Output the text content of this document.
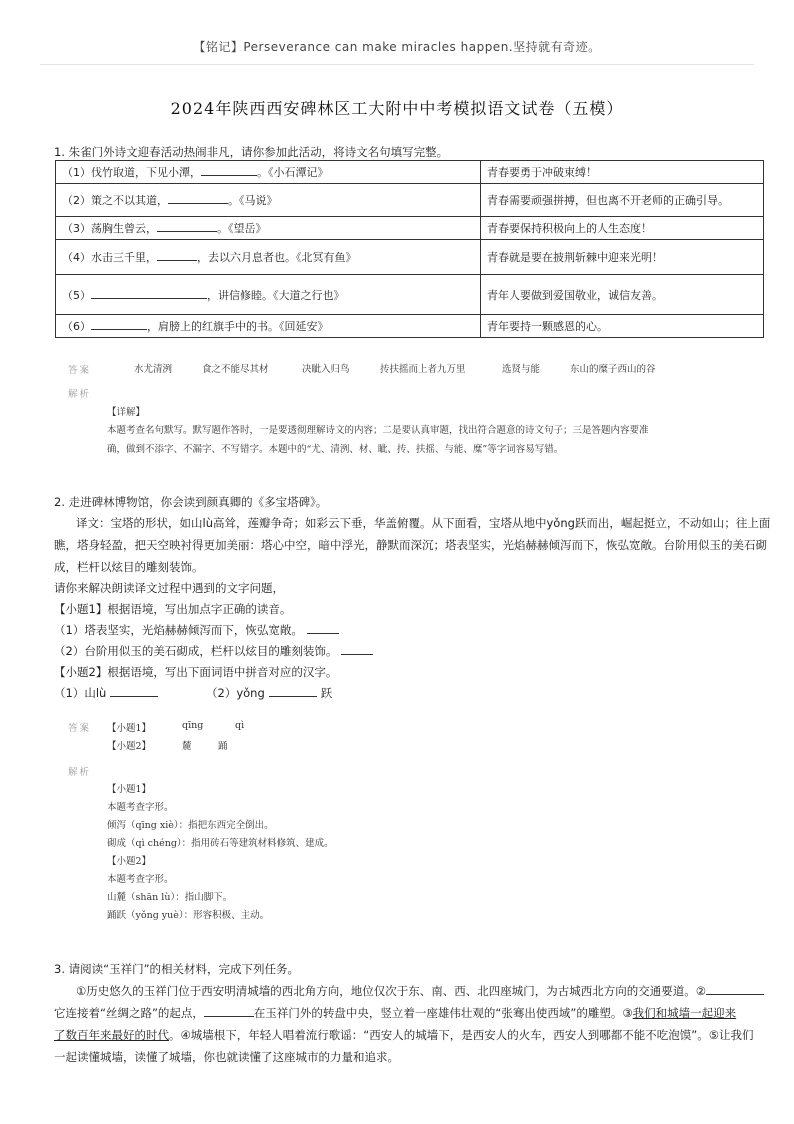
【铭记】Perseverance can make miracles happen.坚持就有奇迹。
2024年陕西西安碑林区工大附中中考模拟语文试卷（五模）
1. 朱雀门外诗文迎春活动热闹非凡，请你参加此活动，将诗文名句填写完整。
（1）伐竹取道，下见小潭， 。《小石潭记》	青春要勇于冲破束缚！
（2）策之不以其道， 。《马说》	青春需要顽强拼搏，但也离不开老师的正确引导。
（3）荡胸生曾云， 。《望岳》	青春要保持积极向上的人生态度！
（4）水击三千里， ，去以六月息者也。《北冥有鱼》	青春就是要在披荆斩棘中迎来光明！
（5） ，讲信修睦。《大道之行也》	青年人要做到爱国敬业，诚信友善。
（6） ，肩膀上的红旗手中的书。《回延安》	青年要持一颗感恩的心。
答案	水尤清洌	食之不能尽其材	决眦入归鸟	抟扶摇而上者九万里	选贤与能	东山的糜子西山的谷
解析
【详解】
本题考查名句默写。默写题作答时，一是要透彻理解诗文的内容；二是要认真审题，找出符合题意的诗文句子；三是答题内容要准
确，做到不添字、不漏字、不写错字。本题中的“尤、清洌、材、眦、抟、扶摇、与能、糜”等字词容易写错。
2. 走进碑林博物馆，你会读到颜真卿的《多宝塔碑》。
译文：宝塔的形状，如山lù高耸，莲瓣争奇；如彩云下垂，华盖俯覆。从下面看，宝塔从地中yǒng跃而出，崛起挺立，不动如山；往上面
瞧，塔身轻盈，把天空映衬得更加美丽：塔心中空，暗中浮光，静默而深沉；塔表坚实，光焰赫赫倾泻而下，恢弘宽敞。台阶用似玉的美石砌
成，栏杆以炫目的雕刻装饰。
请你来解决朗读译文过程中遇到的文字问题，
【小题1】根据语境，写出加点字正确的读音。
（1）塔表坚实，光焰赫赫倾泻而下，恢弘宽敞。
（2）台阶用似玉的美石砌成，栏杆以炫目的雕刻装饰。
【小题2】根据语境，写出下面词语中拼音对应的汉字。
（1）山lù	（2）yǒng	跃
答案 【小题1】	qīng	qì
【小题2】	麓	踊
解析
【小题1】
本题考查字形。
倾泻（qīng xiè）：指把东西完全倒出。
砌成（qì chéng）：指用砖石等建筑材料修筑、建成。
【小题2】
本题考查字形。
山麓（shān lù）：指山脚下。
踊跃（yǒng yuè）：形容积极、主动。
3. 请阅读“玉祥门”的相关材料，完成下列任务。
①历史悠久的玉祥门位于西安明清城墙的西北角方向，地位仅次于东、南、西、北四座城门，为古城西北方向的交通要道。②
它连接着“丝绸之路”的起点，	在玉祥门外的转盘中央，竖立着一座雄伟壮观的“张骞出使西域”的雕塑。③我们和城墙一起迎来
了数百年来最好的时代。④城墙根下，年轻人唱着流行歌谣：“西安人的城墙下，是西安人的火车，西安人到哪都不能不吃泡馍”。⑤让我们
一起读懂城墙，读懂了城墙，你也就读懂了这座城市的力量和追求。
